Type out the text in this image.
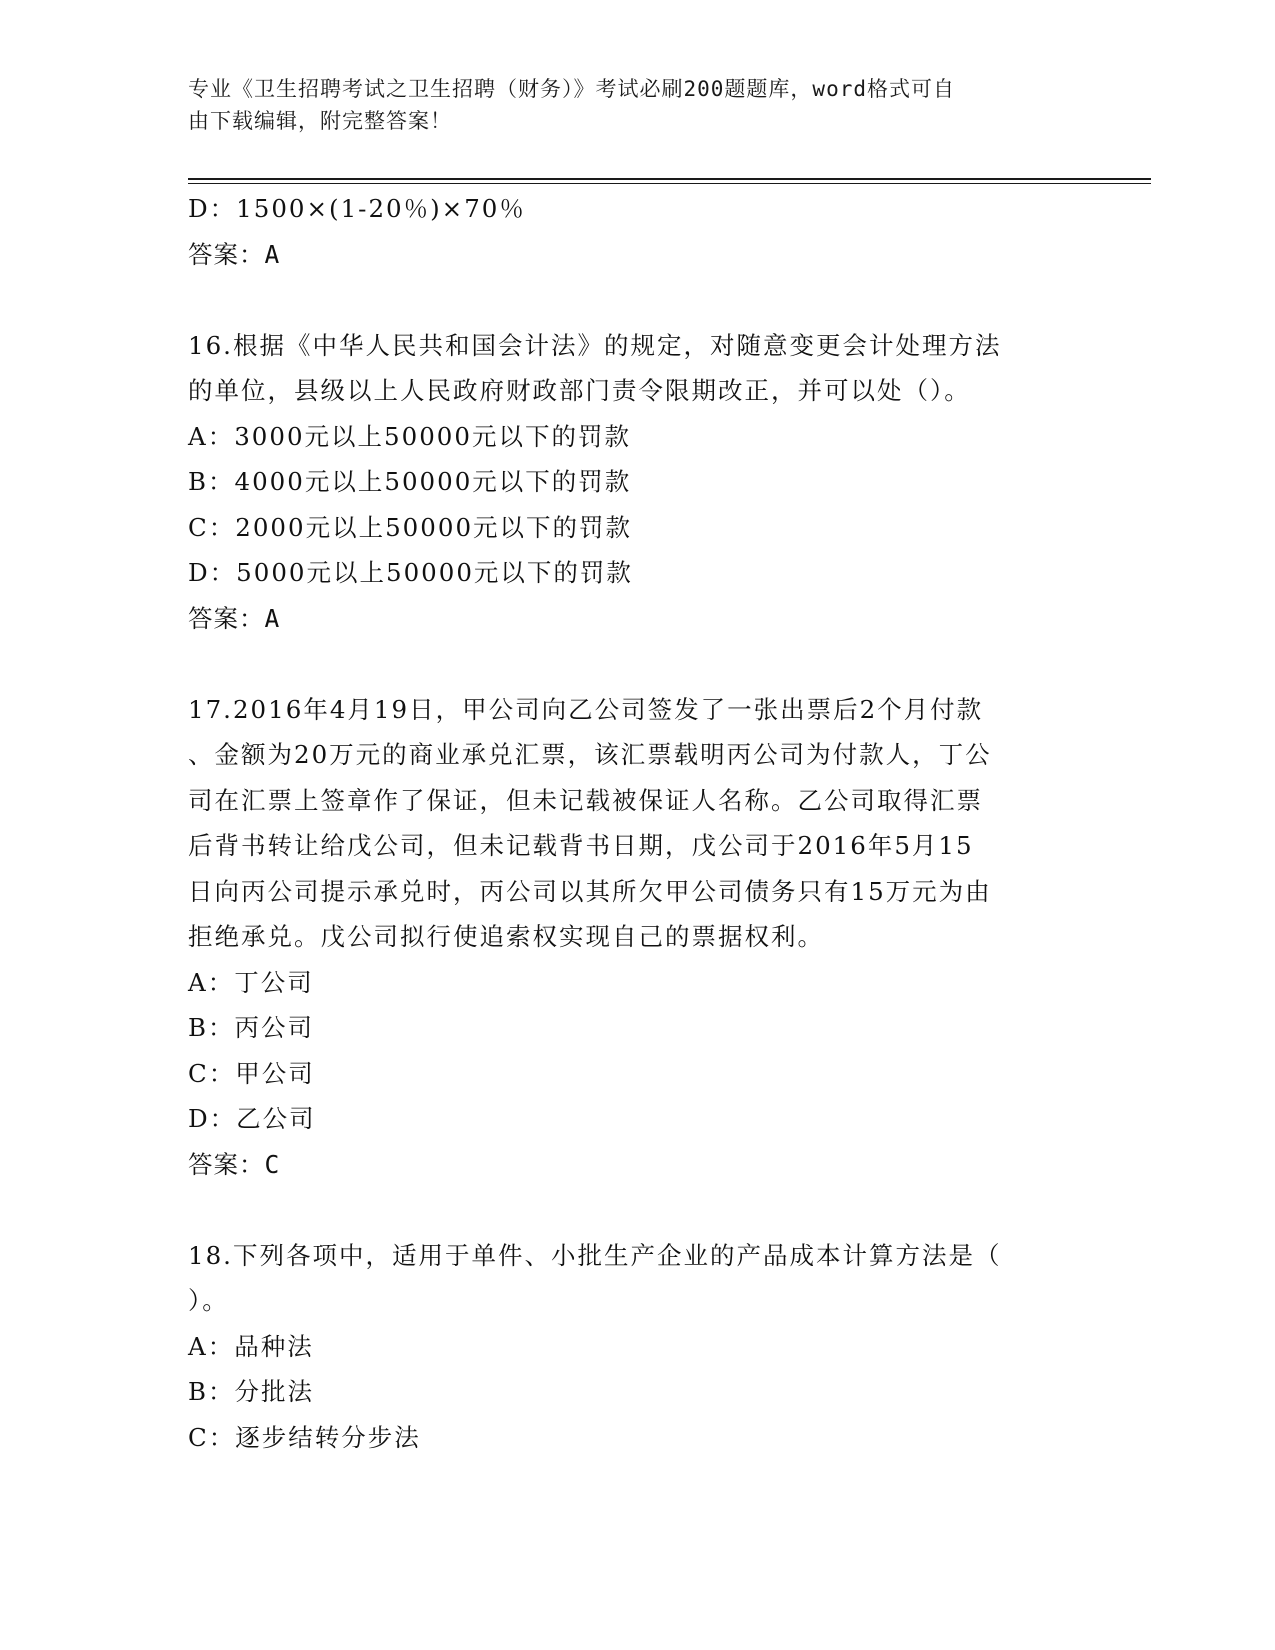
专业《卫生招聘考试之卫生招聘（财务）》考试必刷200题题库，word格式可自
由下载编辑，附完整答案！

D：1500×(1-20％)×70％

答案：A

16.根据《中华人民共和国会计法》的规定，对随意变更会计处理方法

的单位，县级以上人民政府财政部门责令限期改正，并可以处（）。

A：3000元以上50000元以下的罚款

B：4000元以上50000元以下的罚款

C：2000元以上50000元以下的罚款

D：5000元以上50000元以下的罚款

答案：A

17.2016年4月19日，甲公司向乙公司签发了一张出票后2个月付款

、金额为20万元的商业承兑汇票，该汇票载明丙公司为付款人，丁公

司在汇票上签章作了保证，但未记载被保证人名称。乙公司取得汇票

后背书转让给戊公司，但未记载背书日期，戊公司于2016年5月15

日向丙公司提示承兑时，丙公司以其所欠甲公司债务只有15万元为由

拒绝承兑。戊公司拟行使追索权实现自己的票据权利。

A：丁公司

B：丙公司

C：甲公司

D：乙公司

答案：C

18.下列各项中，适用于单件、小批生产企业的产品成本计算方法是（

）。

A：品种法

B：分批法

C：逐步结转分步法
